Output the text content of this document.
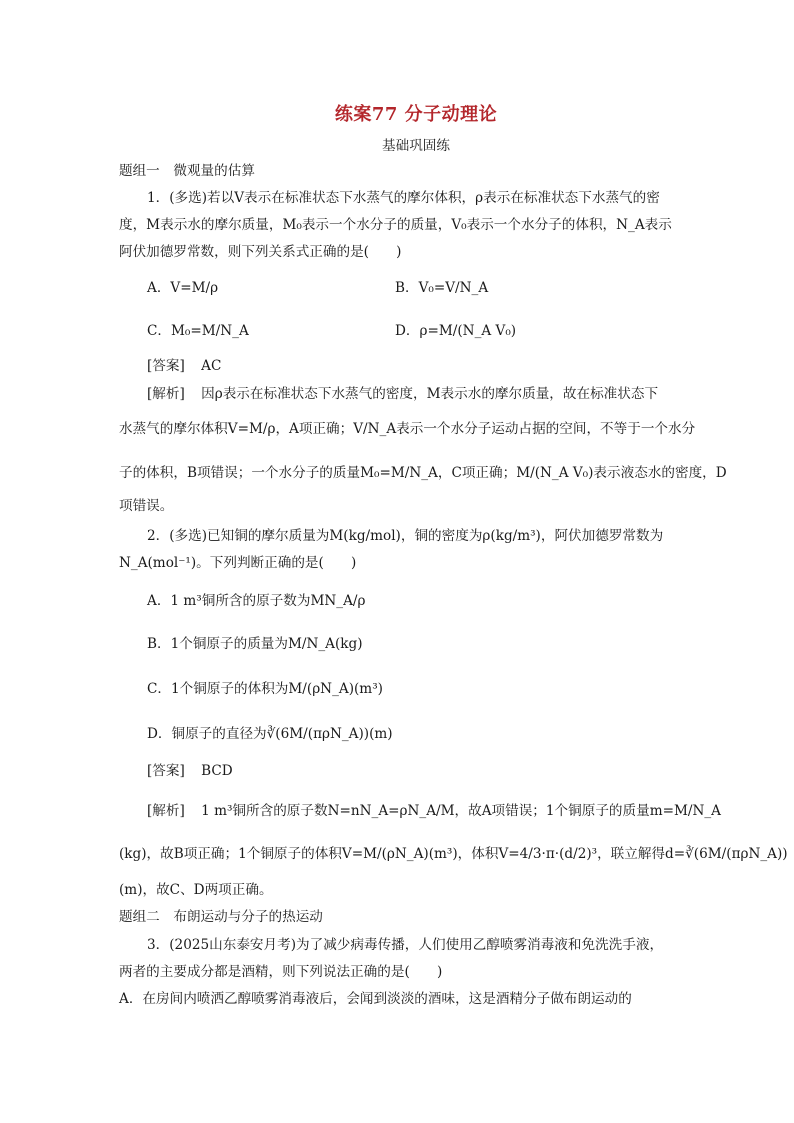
练案77 分子动理论
基础巩固练
题组一　微观量的估算
1．(多选)若以V表示在标准状态下水蒸气的摩尔体积，ρ表示在标准状态下水蒸气的密
度，M表示水的摩尔质量，M₀表示一个水分子的质量，V₀表示一个水分子的体积，N_A表示
阿伏加德罗常数，则下列关系式正确的是(　　)
A．V=M/ρ	B．V₀=V/N_A
C．M₀=M/N_A	D．ρ=M/(N_A V₀)
[答案] AC
[解析] 因ρ表示在标准状态下水蒸气的密度，M表示水的摩尔质量，故在标准状态下
水蒸气的摩尔体积V=M/ρ，A项正确；V/N_A表示一个水分子运动占据的空间，不等于一个水分
子的体积，B项错误；一个水分子的质量M₀=M/N_A，C项正确；M/(N_A V₀)表示液态水的密度，D
项错误。
2．(多选)已知铜的摩尔质量为M(kg/mol)，铜的密度为ρ(kg/m³)，阿伏加德罗常数为
N_A(mol⁻¹)。下列判断正确的是(　　)
A．1 m³铜所含的原子数为MN_A/ρ
B．1个铜原子的质量为M/N_A(kg)
C．1个铜原子的体积为M/(ρN_A)(m³)
D．铜原子的直径为∛(6M/(πρN_A))(m)
[答案] BCD
[解析] 1 m³铜所含的原子数N=nN_A=ρN_A/M，故A项错误；1个铜原子的质量m=M/N_A
(kg)，故B项正确；1个铜原子的体积V=M/(ρN_A)(m³)，体积V=4/3·π·(d/2)³，联立解得d=∛(6M/(πρN_A))
(m)，故C、D两项正确。
题组二　布朗运动与分子的热运动
3．(2025山东泰安月考)为了减少病毒传播，人们使用乙醇喷雾消毒液和免洗洗手液，
两者的主要成分都是酒精，则下列说法正确的是(　　)
A．在房间内喷洒乙醇喷雾消毒液后，会闻到淡淡的酒味，这是酒精分子做布朗运动的
